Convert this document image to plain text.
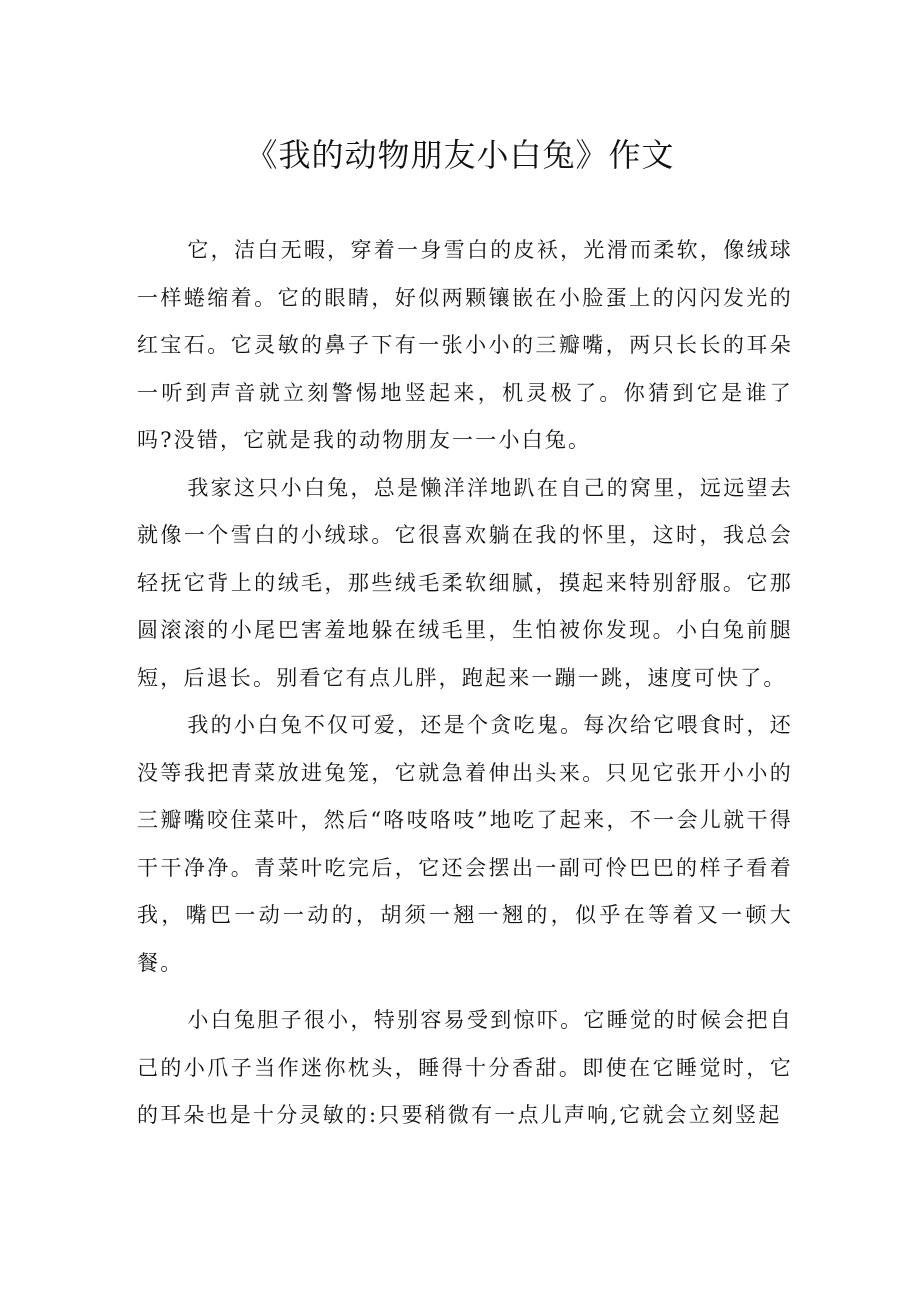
《我的动物朋友小白兔》作文

它，洁白无暇，穿着一身雪白的皮袄，光滑而柔软，像绒球一样蜷缩着。它的眼睛，好似两颗镶嵌在小脸蛋上的闪闪发光的红宝石。它灵敏的鼻子下有一张小小的三瓣嘴，两只长长的耳朵一听到声音就立刻警惕地竖起来，机灵极了。你猜到它是谁了吗?没错，它就是我的动物朋友一一小白兔。

我家这只小白兔，总是懒洋洋地趴在自己的窝里，远远望去就像一个雪白的小绒球。它很喜欢躺在我的怀里，这时，我总会轻抚它背上的绒毛，那些绒毛柔软细腻，摸起来特别舒服。它那圆滚滚的小尾巴害羞地躲在绒毛里，生怕被你发现。小白兔前腿短，后退长。别看它有点儿胖，跑起来一蹦一跳，速度可快了。

我的小白兔不仅可爱，还是个贪吃鬼。每次给它喂食时，还没等我把青菜放进兔笼，它就急着伸出头来。只见它张开小小的三瓣嘴咬住菜叶，然后“咯吱咯吱”地吃了起来，不一会儿就干得干干净净。青菜叶吃完后，它还会摆出一副可怜巴巴的样子看着我，嘴巴一动一动的，胡须一翘一翘的，似乎在等着又一顿大餐。

小白兔胆子很小，特别容易受到惊吓。它睡觉的时候会把自己的小爪子当作迷你枕头，睡得十分香甜。即使在它睡觉时，它的耳朵也是十分灵敏的:只要稍微有一点儿声响,它就会立刻竖起
